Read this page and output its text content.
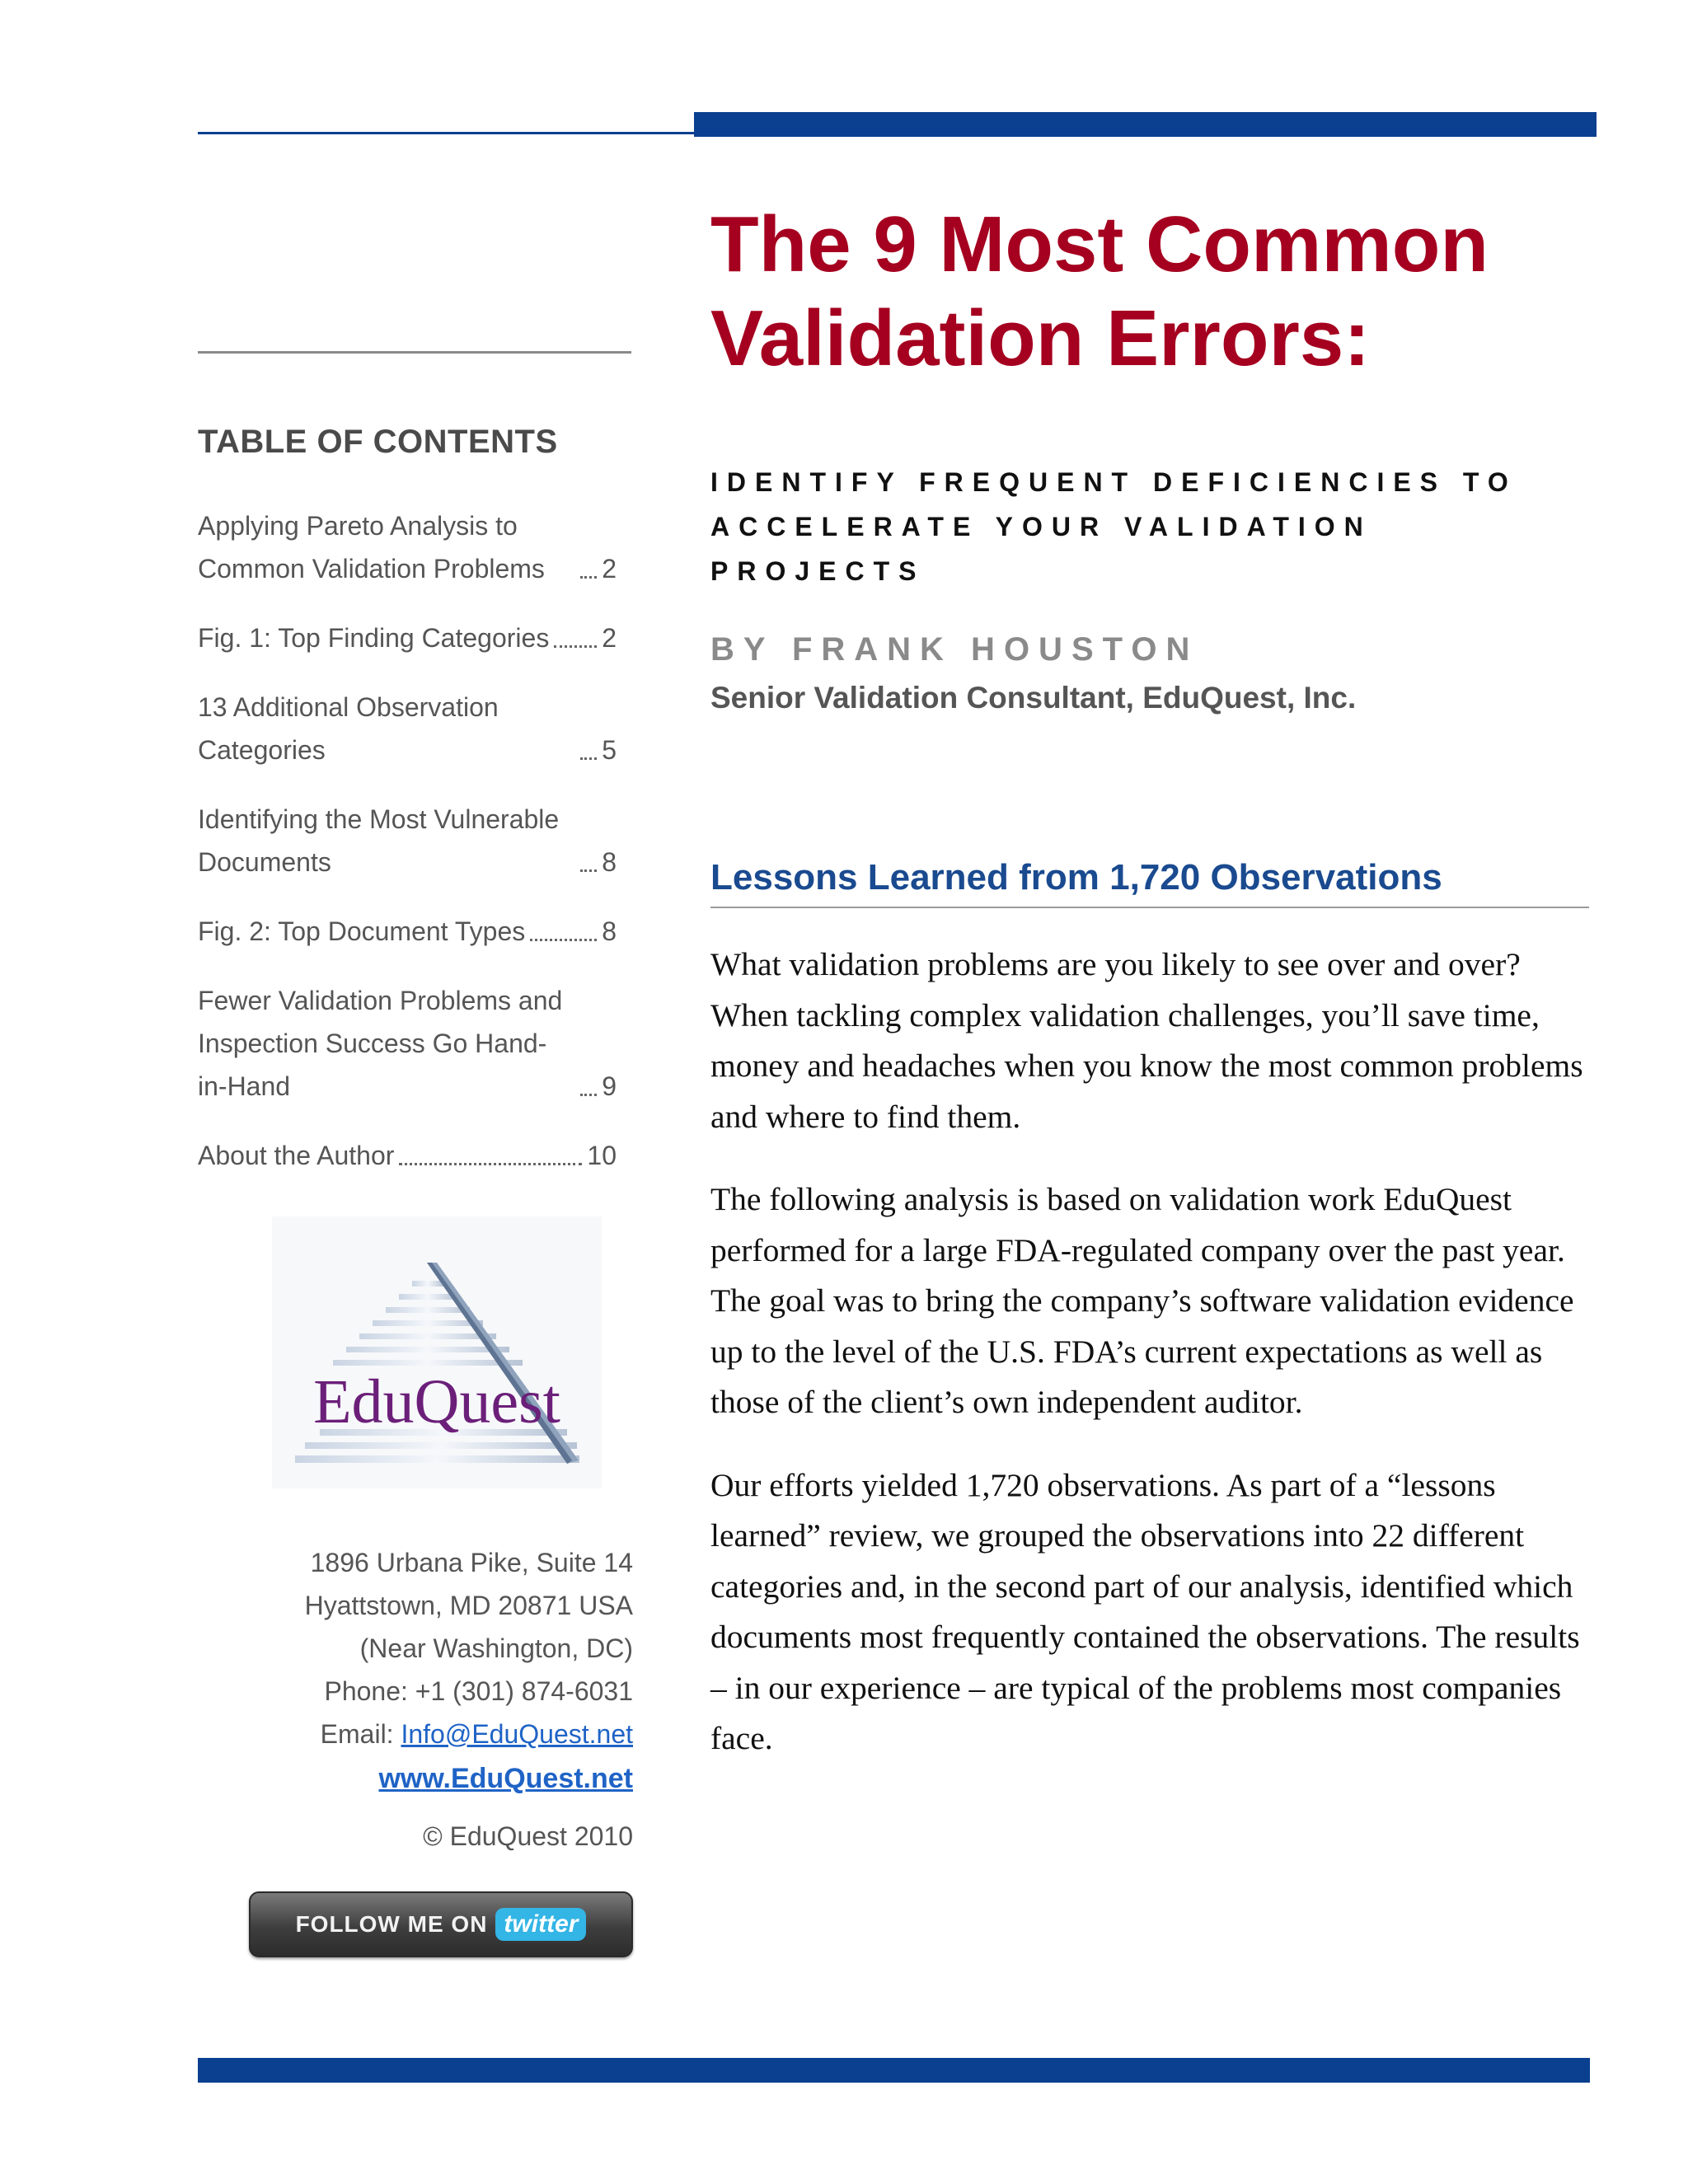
TABLE OF CONTENTS
Applying Pareto Analysis to Common Validation Problems	2
Fig. 1: Top Finding Categories 2
13 Additional Observation Categories	5
Identifying the Most Vulnerable Documents	8
Fig. 2: Top Document Types	8
Fewer Validation Problems and Inspection Success Go Hand-in-Hand	9
About the Author	10
EduQuest
1896 Urbana Pike, Suite 14
Hyattstown, MD 20871 USA
(Near Washington, DC)
Phone: +1 (301) 874-6031
Email: Info@EduQuest.net
www.EduQuest.net
© EduQuest 2010
FOLLOW ME ON twitter
The 9 Most Common Validation Errors:

IDENTIFY FREQUENT DEFICIENCIES TO ACCELERATE YOUR VALIDATION PROJECTS

BY FRANK HOUSTON

Senior Validation Consultant, EduQuest, Inc.

Lessons Learned from 1,720 Observations

What validation problems are you likely to see over and over? When tackling complex validation challenges, you’ll save time, money and headaches when you know the most common problems and where to find them.

The following analysis is based on validation work EduQuest performed for a large FDA-regulated company over the past year. The goal was to bring the company’s software validation evidence up to the level of the U.S. FDA’s current expectations as well as those of the client’s own independent auditor.

Our efforts yielded 1,720 observations. As part of a “lessons learned” review, we grouped the observations into 22 different categories and, in the second part of our analysis, identified which documents most frequently contained the observations. The results – in our experience – are typical of the problems most companies face.
